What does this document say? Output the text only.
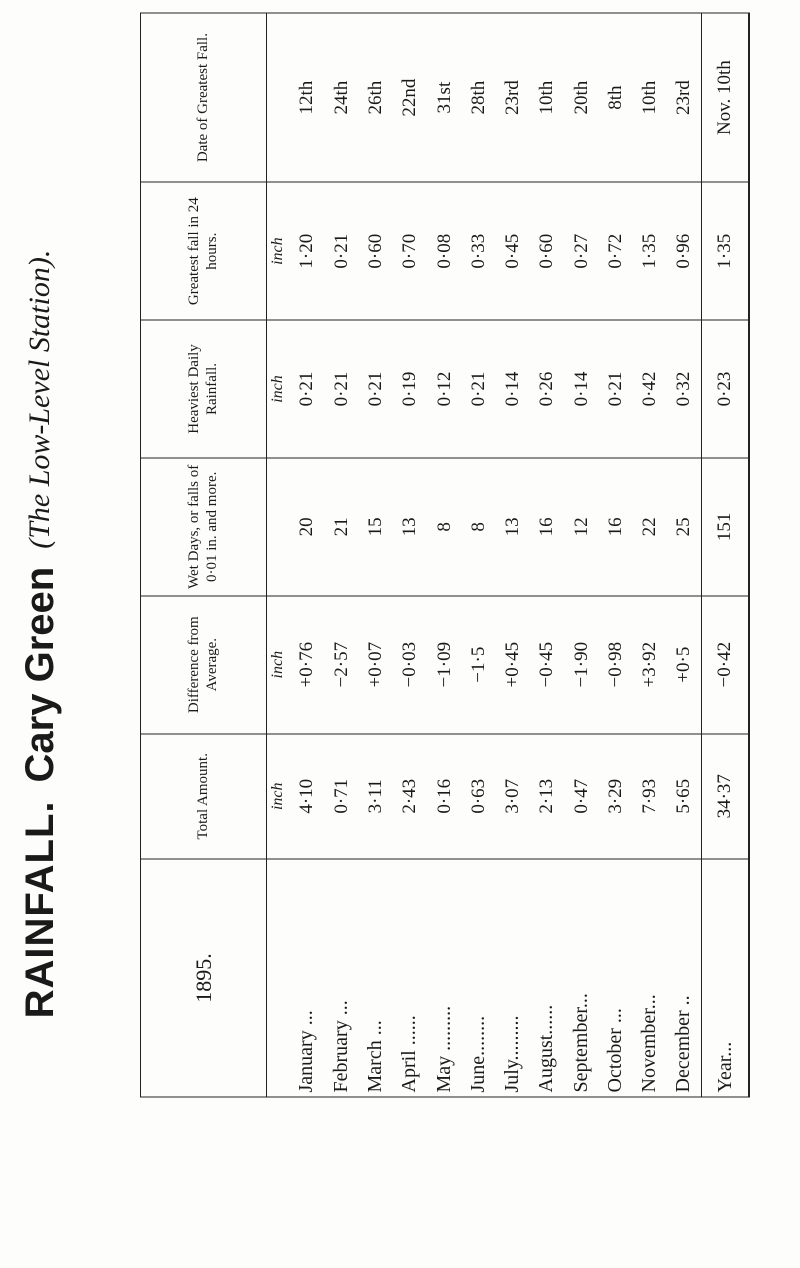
RAINFALL.
Cary Green
(The Low-Level Station).
1895.	Total Amount.	Difference from Average.	Wet Days, or falls of 0·01 in. and more.	Heaviest Daily Rainfall.	Greatest fall in 24 hours.	Date of Greatest Fall.
	inch	inch		inch	inch	
January ...	4·10	+0·76	20	0·21	1·20	12th
February ...	0·71	−2·57	21	0·21	0·21	24th
March ...	3·11	+0·07	15	0·21	0·60	26th
April ......	2·43	−0·03	13	0·19	0·70	22nd
May .........	0·16	−1·09	8	0·12	0·08	31st
June........	0·63	−1·5	8	0·21	0·33	28th
July.........	3·07	+0·45	13	0·14	0·45	23rd
August......	2·13	−0·45	16	0·26	0·60	10th
September...	0·47	−1·90	12	0·14	0·27	20th
October ...	3·29	−0·98	16	0·21	0·72	8th
November...	7·93	+3·92	22	0·42	1·35	10th
December ..	5·65	+0·5	25	0·32	0·96	23rd
Year...	34·37	−0·42	151	0·23	1·35	Nov. 10th
